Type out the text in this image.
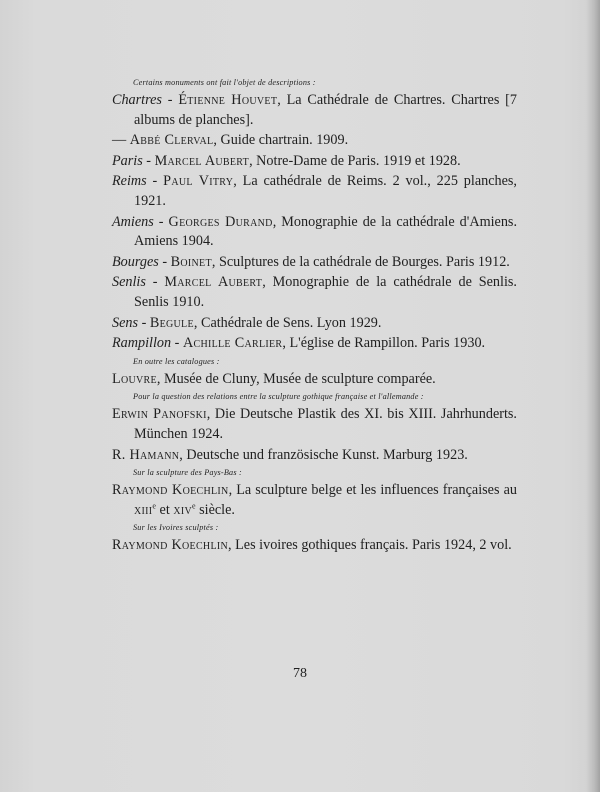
Certains monuments ont fait l'objet de descriptions :

Chartres - Étienne Houvet, La Cathédrale de Chartres. Chartres [7 albums de planches].

— Abbé Clerval, Guide chartrain. 1909.

Paris - Marcel Aubert, Notre-Dame de Paris. 1919 et 1928.

Reims - Paul Vitry, La cathédrale de Reims. 2 vol., 225 planches, 1921.

Amiens - Georges Durand, Monographie de la cathédrale d'Amiens. Amiens 1904.

Bourges - Boinet, Sculptures de la cathédrale de Bourges. Paris 1912.

Senlis - Marcel Aubert, Monographie de la cathédrale de Senlis. Senlis 1910.

Sens - Begule, Cathédrale de Sens. Lyon 1929.

Rampillon - Achille Carlier, L'église de Rampillon. Paris 1930.

En outre les catalogues :

Louvre, Musée de Cluny, Musée de sculpture comparée.

Pour la question des relations entre la sculpture gothique française et l'allemande :

Erwin Panofski, Die Deutsche Plastik des XI. bis XIII. Jahrhunderts. München 1924.

R. Hamann, Deutsche und französische Kunst. Marburg 1923.

Sur la sculpture des Pays-Bas :

Raymond Koechlin, La sculpture belge et les influences françaises au xiii$^e$ et xiv$^e$ siècle.

Sur les Ivoires sculptés :

Raymond Koechlin, Les ivoires gothiques français. Paris 1924, 2 vol.

78
